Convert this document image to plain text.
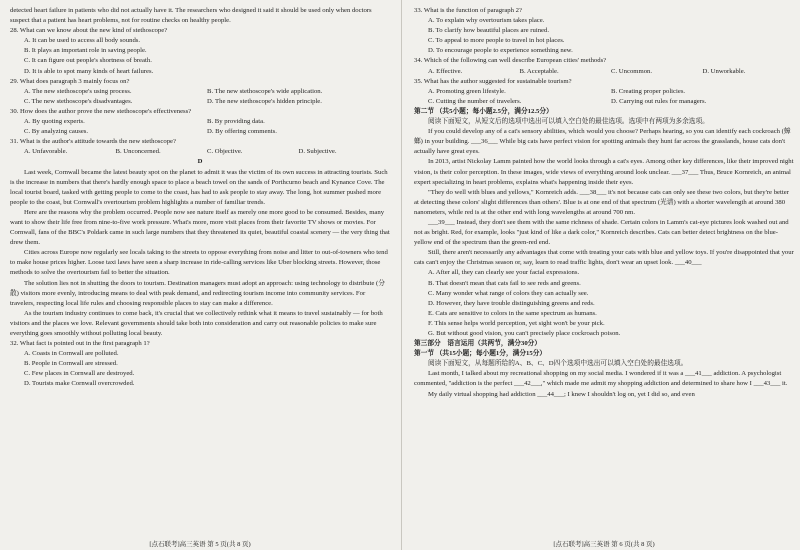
detected heart failure in patients who did not actually have it. The researchers who designed it said it should be used only when doctors suspect that a patient has heart problems, not for routine checks on healthy people.

28. What can we know about the new kind of stethoscope?

A. It can be used to access all body sounds.

B. It plays an important role in saving people.

C. It can figure out people's shortness of breath.

D. It is able to spot many kinds of heart failures.

29. What does paragraph 3 mainly focus on?

A. The new stethoscope's using process.	B. The new stethoscope's wide application.
C. The new stethoscope's disadvantages.	D. The new stethoscope's hidden principle.

30. How does the author prove the new stethoscope's effectiveness?

A. By quoting experts.	B. By providing data.
C. By analyzing causes.	D. By offering comments.

31. What is the author's attitude towards the new stethoscope?

A. Unfavorable.	B. Unconcerned.	C. Objective.	D. Subjective.

D

Last week, Cornwall became the latest beauty spot on the planet to admit it was the victim of its own success in attracting tourists. Such is the increase in numbers that there's hardly enough space to place a beach towel on the sands of Porthcurno beach and Kynance Cove. The local tourist board, tasked with getting people to come to the coast, has had to ask people to stay away. The long, hot summer pushed more people to the coast, but Cornwall's overtourism problem highlights a number of familiar trends.

Here are the reasons why the problem occurred. People now see nature itself as merely one more good to be consumed. Besides, many want to show their life free from nine-to-five work pressure. What's more, more visit places from their favorite TV shows or movies. For Cornwall, fans of the BBC's Poldark came in such large numbers that they threatened its quiet, beautiful coastal scenery — the very thing that drew them.

Cities across Europe now regularly see locals taking to the streets to oppose everything from noise and litter to out-of-towners who tend to make house prices higher. Loose taxi laws have seen a sharp increase in ride-calling services like Uber blocking streets. However, those methods to solve the overtourism fail to better the situation.

The solution lies not in shutting the doors to tourism. Destination managers must adopt an approach: using technology to distribute (分散) visitors more evenly, introducing means to deal with peak demand, and redirecting tourism income into community services. For travelers, respecting local life rules and choosing responsible places to stay can make a difference.

As the tourism industry continues to come back, it's crucial that we collectively rethink what it means to travel sustainably — for both visitors and the places we love. Relevant governments should take both into consideration and carry out reasonable policies to make sure everything goes smoothly without polluting local beauty.

32. What fact is pointed out in the first paragraph 1?

A. Coasts in Cornwall are polluted.

B. People in Cornwall are stressed.

C. Few places in Cornwall are destroyed.

D. Tourists make Cornwall overcrowded.

[点石联考]高三英语 第 5 页(共 8 页)

33. What is the function of paragraph 2?

A. To explain why overtourism takes place.

B. To clarify how beautiful places are ruined.

C. To appeal to more people to travel in hot places.

D. To encourage people to experience something new.

34. Which of the following can well describe European cities' methods?

A. Effective.	B. Acceptable.	C. Uncommon.	D. Unworkable.

35. What has the author suggested for sustainable tourism?

A. Promoting green lifestyle.	B. Creating proper policies.
C. Cutting the number of travelers.	D. Carrying out rules for managers.

第二节 （共5小题；每小题2.5分，满分12.5分）

阅读下面短文，从短文后的选项中选出可以填入空白处的最佳选项。选项中有两项为多余选项。

If you could develop any of a cat's sensory abilities, which would you choose? Perhaps hearing, so you can identify each cockroach (蟑螂) in your building. ___36___ While big cats have perfect vision for spotting animals they hunt far across the grasslands, house cats don't actually have great eyes.

In 2013, artist Nickolay Lamm painted how the world looks through a cat's eyes. Among other key differences, like their improved night vision, is their color perception. In these images, wide views of everything around look unclear. ___37___ Thus, Bruce Kornreich, an animal expert specializing in heart problems, explains what's happening inside their eyes.

"They do well with blues and yellows," Kornreich adds. ___38___ it's not because cats can only see these two colors, but they're better at detecting these colors' slight differences than others'. Blue is at one end of that spectrum (光谱) with a shorter wavelength at around 380 nanometers, while red is at the other end with long wavelengths at around 700 nm.

___39___ Instead, they don't see them with the same richness of shade. Certain colors in Lamm's cat-eye pictures look washed out and not as bright. Red, for example, looks "just kind of like a dark color," Kornreich describes. Cats can better detect brightness on the blue-yellow end of the spectrum than the green-red end.

Still, there aren't necessarily any advantages that come with treating your cats with blue and yellow toys. If you're disappointed that your cats can't enjoy the Christmas season or, say, learn to read traffic lights, don't wear an upset look. ___40___

A. After all, they can clearly see your facial expressions.

B. That doesn't mean that cats fail to see reds and greens.

C. Many wonder what range of colors they can actually see.

D. However, they have trouble distinguishing greens and reds.

E. Cats are sensitive to colors in the same spectrum as humans.

F. This sense helps world perception, yet sight won't be your pick.

G. But without good vision, you can't precisely place cockroach poison.

第三部分　语言运用（共两节，满分30分）

第一节 （共15小题；每小题1分，满分15分）

阅读下面短文，从每题所给的A、B、C、D四个选项中选出可以填入空白处的最佳选项。

Last month, I talked about my recreational shopping on my social media. I wondered if it was a ___41___ addiction. A psychologist commented, "addiction is the perfect ___42___," which made me admit my shopping addiction and determined to share how I ___43___ it.

My daily virtual shopping had addiction ___44___; I knew I shouldn't log on, yet I did so, and even

[点石联考]高三英语 第 6 页(共 8 页)
